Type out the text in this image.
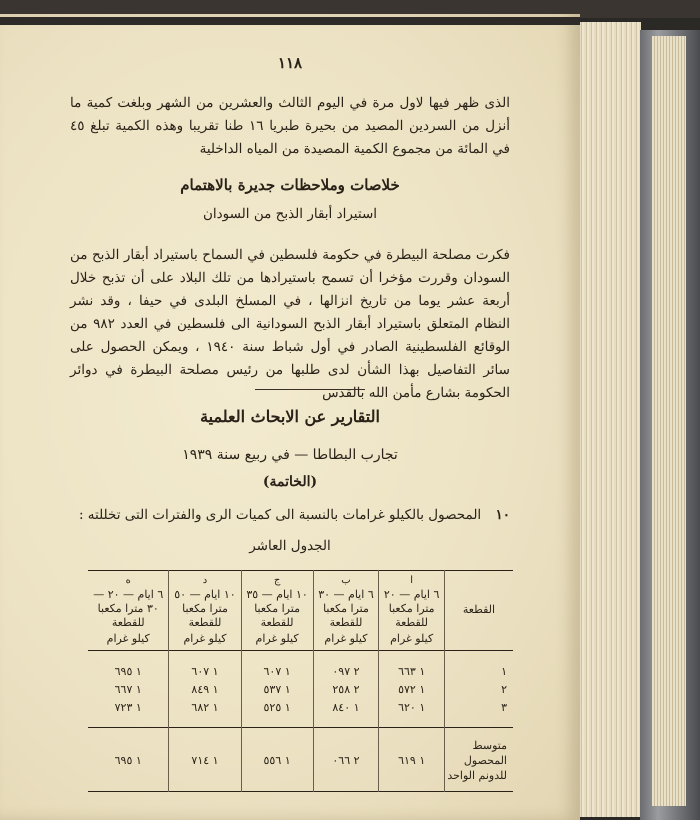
١١٨
الذى ظهر فيها لاول مرة في اليوم الثالث والعشرين من الشهر وبلغت كمية ما أنزل من السردين المصيد من بحيرة طبريا ١٦ طنا تقريبا وهذه الكمية تبلغ ٤٥ في المائة من مجموع الكمية المصيدة من المياه الداخلية
خلاصات وملاحظات جديرة بالاهتمام
استيراد أبقار الذبح من السودان
فكرت مصلحة البيطرة في حكومة فلسطين في السماح باستيراد أبقار الذبح من السودان وقررت مؤخرا أن تسمح باستيرادها من تلك البلاد على أن تذبح خلال أربعة عشر يوما من تاريخ انزالها ، في المسلخ البلدى في حيفا ، وقد نشر النظام المتعلق باستيراد أبقار الذبح السودانية الى فلسطين في العدد ٩٨٢ من الوقائع الفلسطينية الصادر في أول شباط سنة ١٩٤٠ ، ويمكن الحصول على سائر التفاصيل بهذا الشأن لدى طلبها من رئيس مصلحة البيطرة في دوائر الحكومة بشارع مأمن الله بالقدس
التقارير عن الابحاث العلمية
تجارب البطاطا — في ربيع سنة ١٩٣٩
(الخاتمة)
١٠ المحصول بالكيلو غرامات بالنسبة الى كميات الرى والفترات التى تخللته :
الجدول العاشر
القطعة	ا
٦ ايام — ٢٠
مترا مكعبا
للقطعة
كيلو غرام	ب
٦ ايام — ٣٠
مترا مكعبا
للقطعة
كيلو غرام	ج
١٠ ايام — ٣٥
مترا مكعبا
للقطعة
كيلو غرام	د
١٠ ايام — ٥٠
مترا مكعبا
للقطعة
كيلو غرام	ه
٦ ايام — ٢٠ —
٣٠ مترا مكعبا
للقطعة
كيلو غرام

١	١ ٦٦٣	٢ ٠٩٧	١ ٦٠٧	١ ٦٠٧	١ ٦٩٥
٢	١ ٥٧٢	٢ ٢٥٨	١ ٥٣٧	١ ٨٤٩	١ ٦٦٧
٣	١ ٦٢٠	١ ٨٤٠	١ ٥٢٥	١ ٦٨٢	١ ٧٢٣

متوسط المحصول
للدونم الواحد	١ ٦١٩	٢ ٠٦٦	١ ٥٥٦	١ ٧١٤	١ ٦٩٥
